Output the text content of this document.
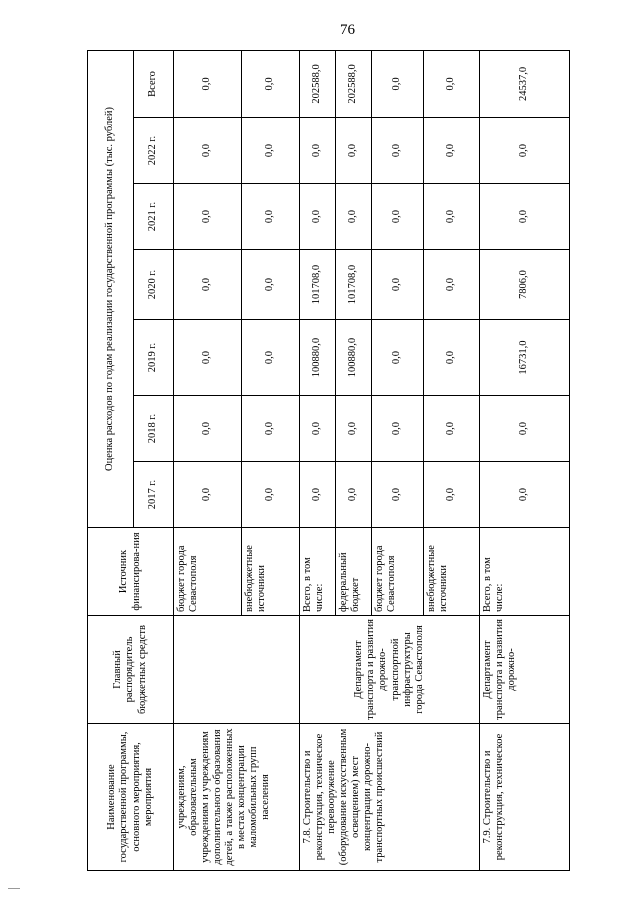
76
Наименование государственной программы, основного мероприятия, мероприятия	Главный распорядитель бюджетных средств	Источник финансирова-ния	Оценка расходов по годам реализации государственной программы (тыс. рублей)						
			2017 г.	2018 г.	2019 г.	2020 г.	2021 г.	2022 г.	Всего
учреждениям, образовательным учреждениям и учреждениям дополнительного образования детей, а также расположенных в местах концентрации маломобильных групп населения		бюджет города Севастополя	0,0	0,0	0,0	0,0	0,0	0,0	0,0
		внебюджетные источники	0,0	0,0	0,0	0,0	0,0	0,0	0,0
7.8. Строительство и реконструкция, техническое перевооружение (оборудование искусственным освещением) мест концентрации дорожно-транспортных происшествий	Департамент транспорта и развития дорожно-транспортной инфраструктуры города Севастополя	Всего, в том числе:	0,0	0,0	100880,0	101708,0	0,0	0,0	202588,0
		федеральный бюджет	0,0	0,0	100880,0	101708,0	0,0	0,0	202588,0
		бюджет города Севастополя	0,0	0,0	0,0	0,0	0,0	0,0	0,0
		внебюджетные источники	0,0	0,0	0,0	0,0	0,0	0,0	0,0
7.9. Строительство и реконструкция, техническое	Департамент транспорта и развития дорожно-	Всего, в том числе:	0,0	0,0	16731,0	7806,0	0,0	0,0	24537,0
